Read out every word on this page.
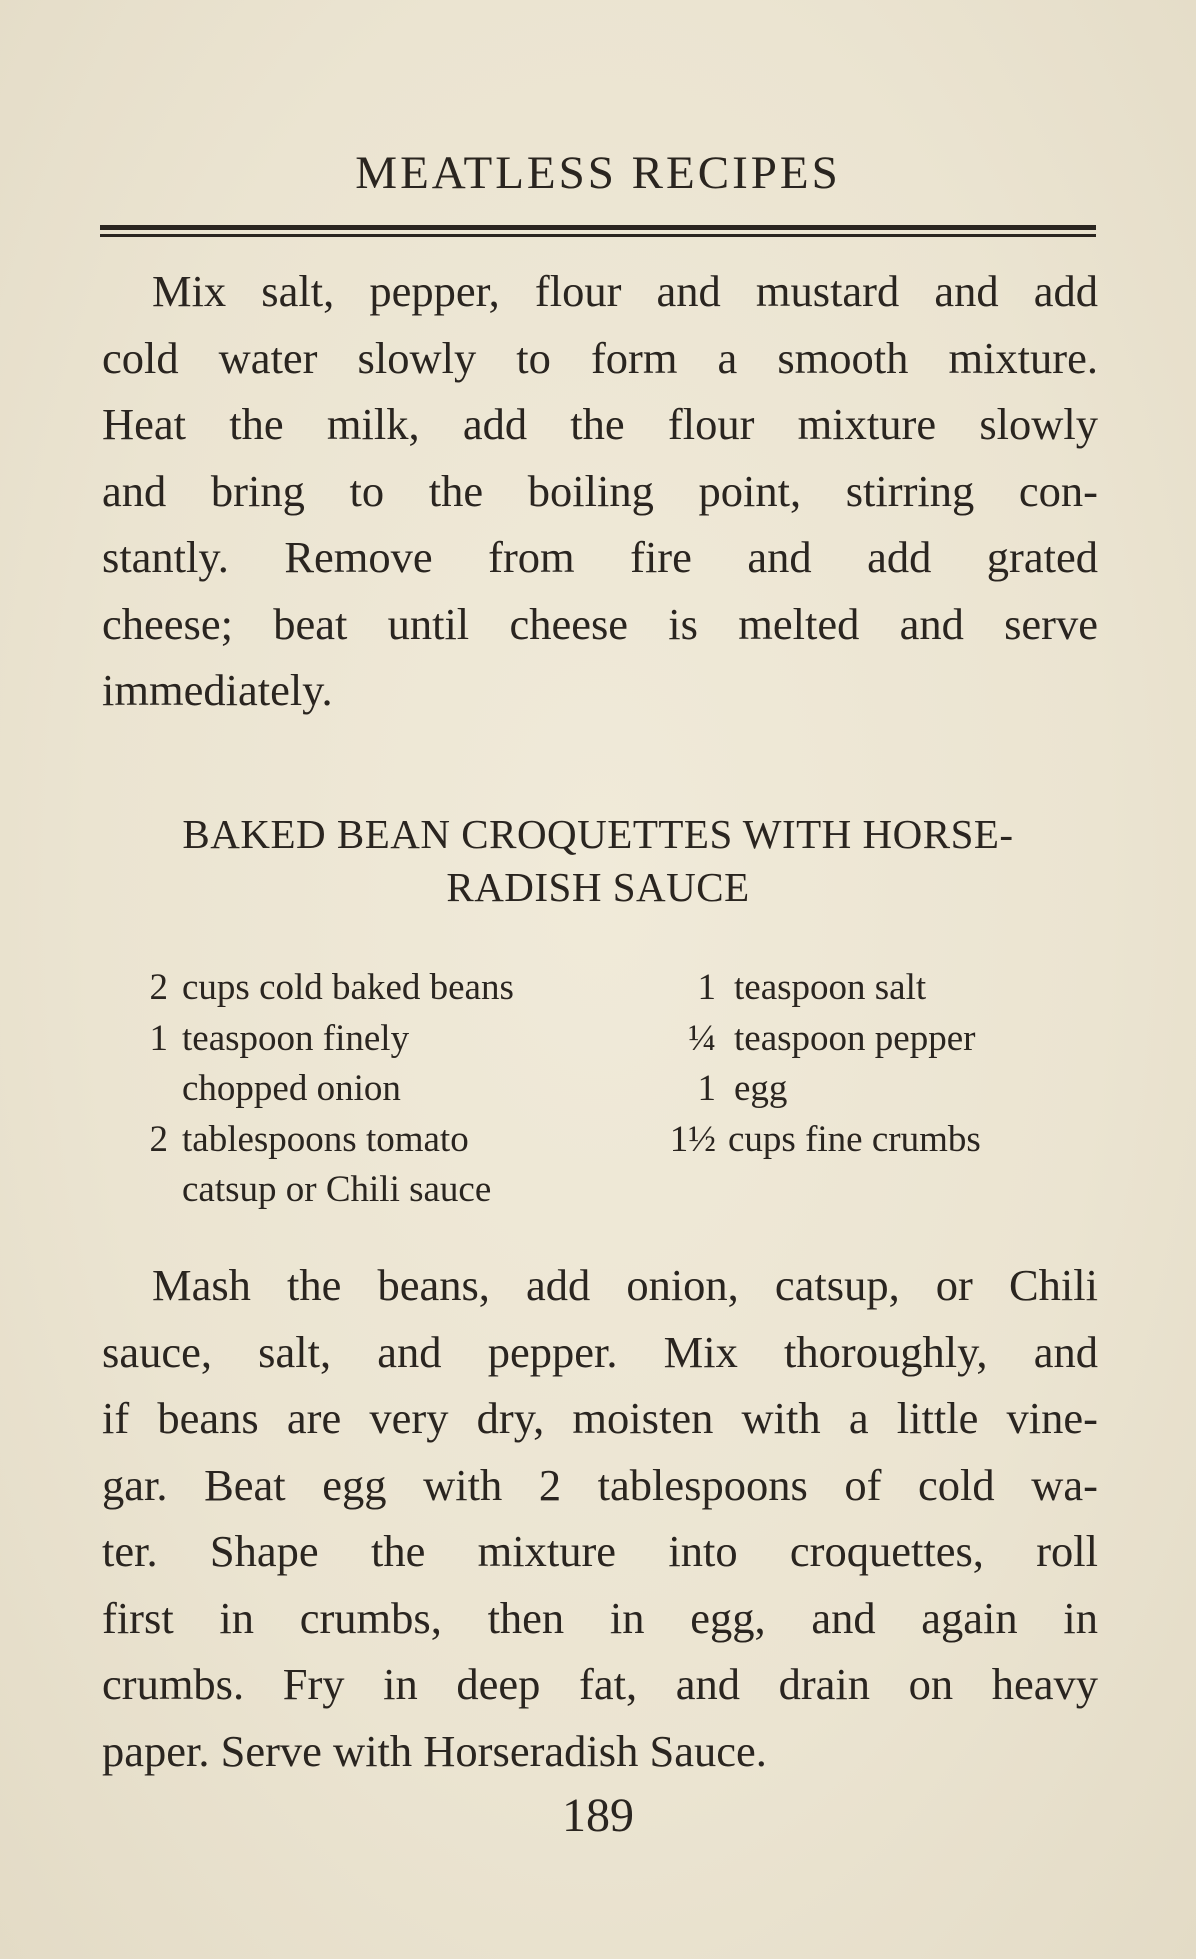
MEATLESS RECIPES
Mix salt, pepper, flour and mustard and add
cold water slowly to form a smooth mixture.
Heat the milk, add the flour mixture slowly
and bring to the boiling point, stirring con-
stantly. Remove from fire and add grated
cheese; beat until cheese is melted and serve
immediately.
BAKED BEAN CROQUETTES WITH HORSE-
RADISH SAUCE
2 cups cold baked beans
1 teaspoon finely
chopped onion
2 tablespoons tomato
catsup or Chili sauce
1 teaspoon salt
¼ teaspoon pepper
1 egg
1½ cups fine crumbs
Mash the beans, add onion, catsup, or Chili
sauce, salt, and pepper. Mix thoroughly, and
if beans are very dry, moisten with a little vine-
gar. Beat egg with 2 tablespoons of cold wa-
ter. Shape the mixture into croquettes, roll
first in crumbs, then in egg, and again in
crumbs. Fry in deep fat, and drain on heavy
paper. Serve with Horseradish Sauce.
189
